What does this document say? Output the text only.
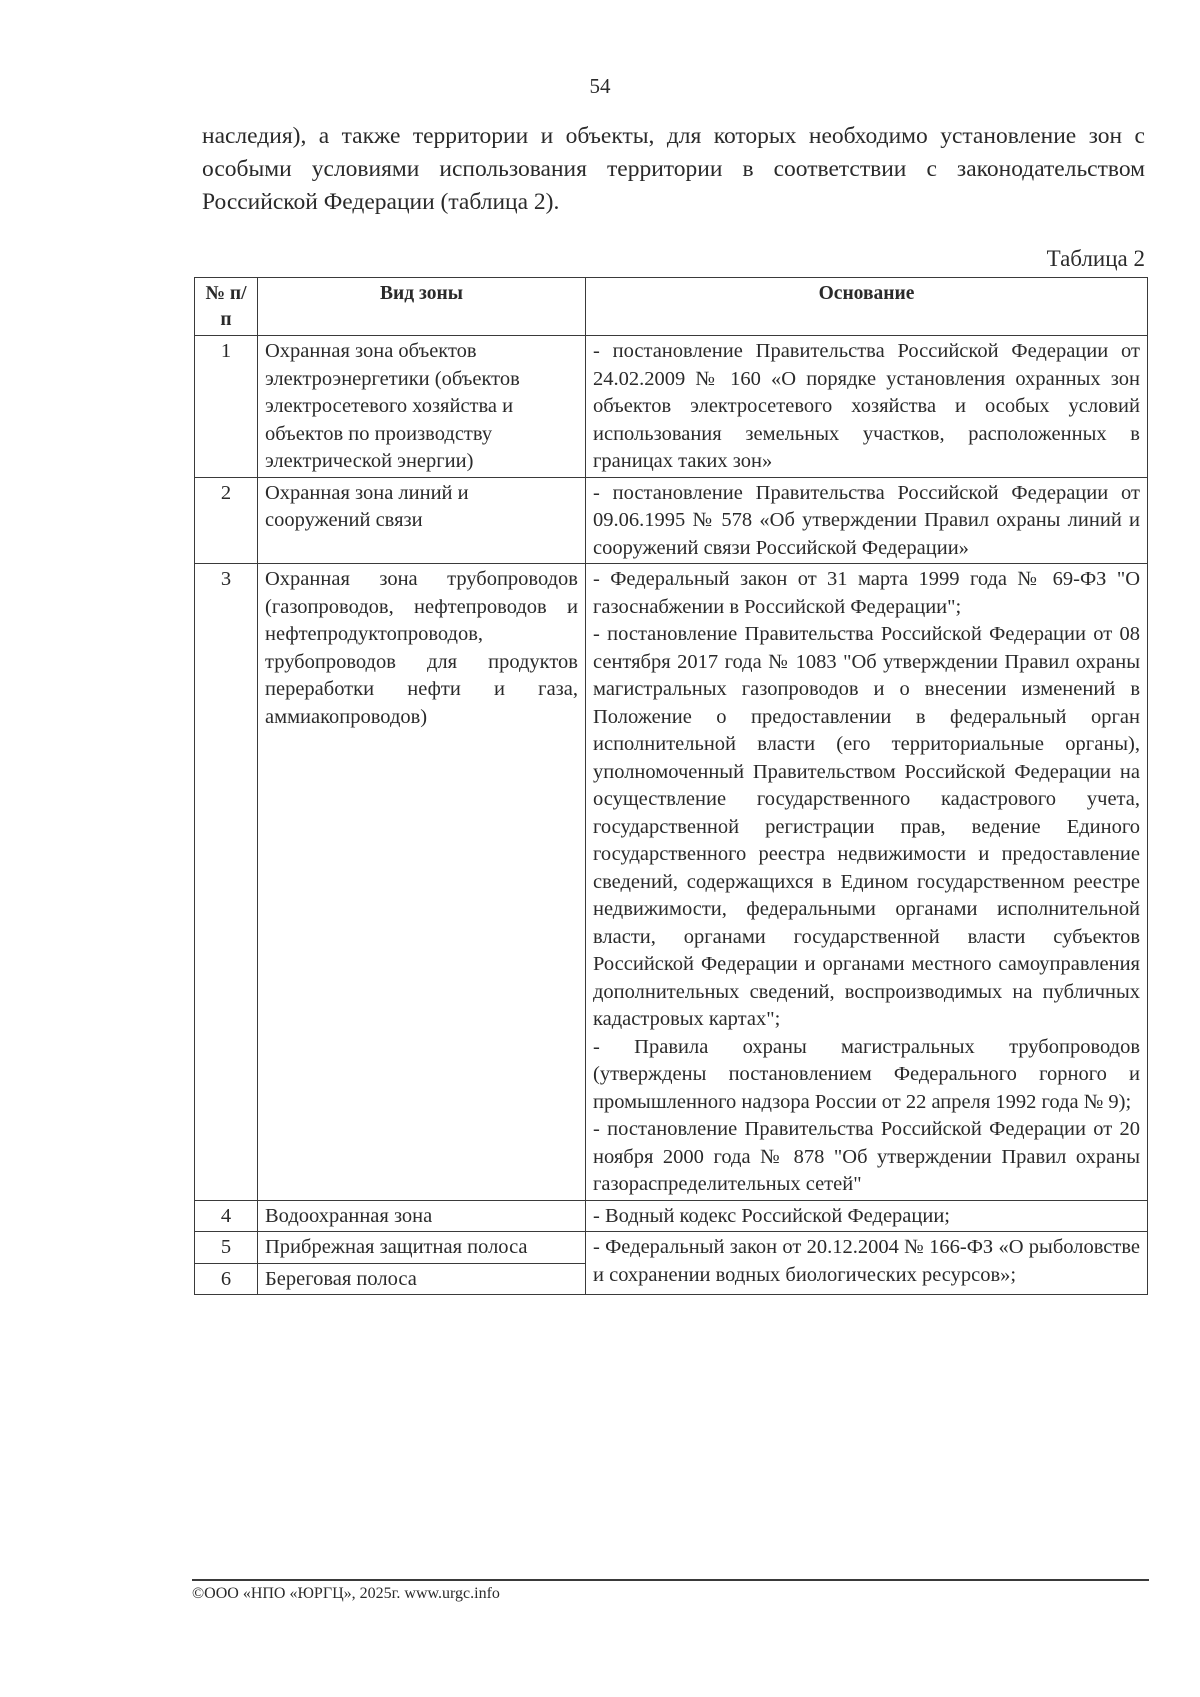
54

наследия), а также территории и объекты, для которых необходимо установление зон с особыми условиями использования территории в соответствии с законодательством Российской Федерации (таблица 2).

Таблица 2
№ п/п	Вид зоны	Основание
1	Охранная зона объектов электроэнергетики (объектов электросетевого хозяйства и объектов по производству электрической энергии)	- постановление Правительства Российской Федерации от 24.02.2009 № 160 «О порядке установления охранных зон объектов электросетевого хозяйства и особых условий использования земельных участков, расположенных в границах таких зон»

2	Охранная зона линий и сооружений связи	- постановление Правительства Российской Федерации от 09.06.1995 № 578 «Об утверждении Правил охраны линий и сооружений связи Российской Федерации»

3	Охранная зона трубопроводов (газопроводов, нефтепроводов и нефтепродуктопроводов, трубопроводов для продуктов переработки нефти и газа, аммиакопроводов)	- Федеральный закон от 31 марта 1999 года № 69-ФЗ "О газоснабжении в Российской Федерации";

- постановление Правительства Российской Федерации от 08 сентября 2017 года № 1083 "Об утверждении Правил охраны магистральных газопроводов и о внесении изменений в Положение о предоставлении в федеральный орган исполнительной власти (его территориальные органы), уполномоченный Правительством Российской Федерации на осуществление государственного кадастрового учета, государственной регистрации прав, ведение Единого государственного реестра недвижимости и предоставление сведений, содержащихся в Едином государственном реестре недвижимости, федеральными органами исполнительной власти, органами государственной власти субъектов Российской Федерации и органами местного самоуправления дополнительных сведений, воспроизводимых на публичных кадастровых картах";

- Правила охраны магистральных трубопроводов (утверждены постановлением Федерального горного и промышленного надзора России от 22 апреля 1992 года № 9);

- постановление Правительства Российской Федерации от 20 ноября 2000 года № 878 "Об утверждении Правил охраны газораспределительных сетей"

4	Водоохранная зона	- Водный кодекс Российской Федерации;

5	Прибрежная защитная полоса	- Федеральный закон от 20.12.2004 № 166-ФЗ «О рыболовстве и сохранении водных биологических ресурсов»;

6	Береговая полоса	
©ООО «НПО «ЮРГЦ», 2025г. www.urgc.info
